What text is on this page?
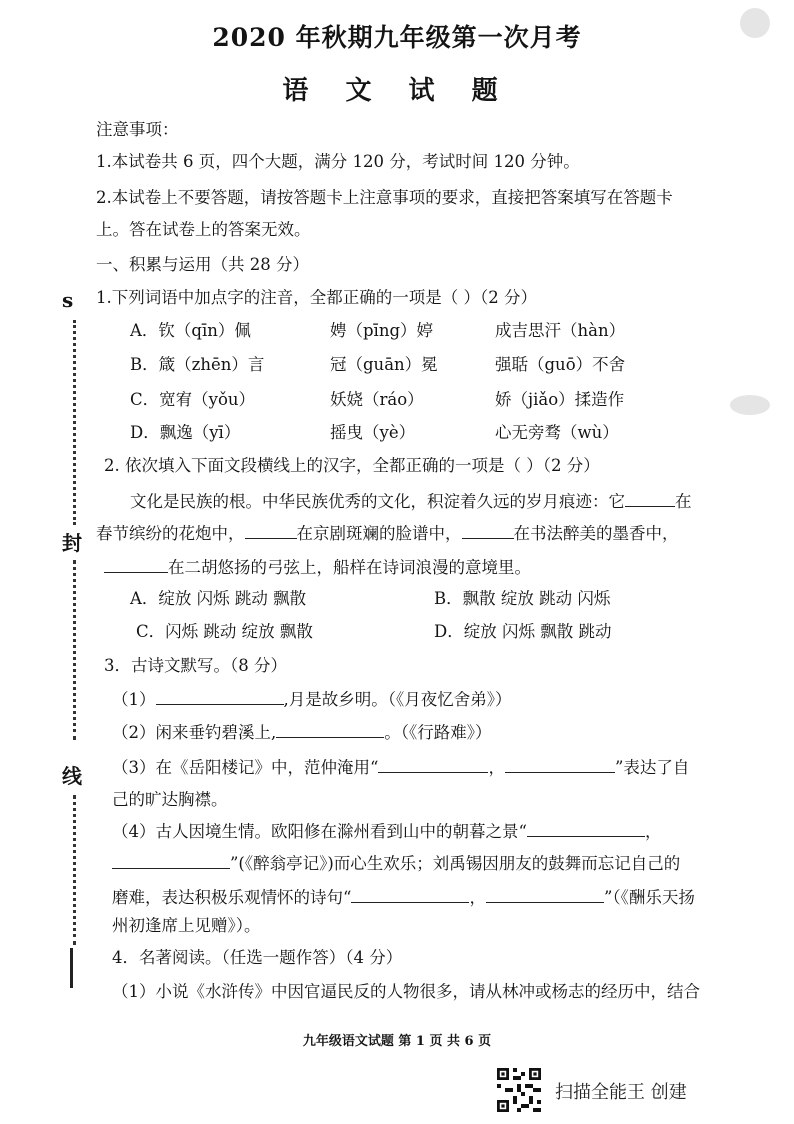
s
封
线
2020 年秋期九年级第一次月考
语 文 试 题
注意事项：
1.本试卷共 6 页，四个大题，满分 120 分，考试时间 120 分钟。
2.本试卷上不要答题，请按答题卡上注意事项的要求，直接把答案填写在答题卡
上。答在试卷上的答案无效。
一、积累与运用（共 28 分）
1.下列词语中加点字的注音，全都正确的一项是（ ）（2 分）
A．钦（qīn）佩	娉（pīng）婷	成吉思汗（hàn）
B．箴（zhēn）言	冠（guān）冕	强聒（guō）不舍
C．宽宥（yǒu）	妖娆（ráo）	娇（jiǎo）揉造作
D．飘逸（yī）	摇曳（yè）	心无旁骛（wù）
2. 依次填入下面文段横线上的汉字，全都正确的一项是（ ）（2 分）
文化是民族的根。中华民族优秀的文化，积淀着久远的岁月痕迹：它	在
春节缤纷的花炮中，	在京剧斑斓的脸谱中，	在书法醉美的墨香中，
在二胡悠扬的弓弦上，船样在诗词浪漫的意境里。
A．绽放 闪烁 跳动 飘散	B．飘散 绽放 跳动 闪烁
C．闪烁 跳动 绽放 飘散	D．绽放 闪烁 飘散 跳动
3．古诗文默写。（8 分）
（1）	,月是故乡明。（《月夜忆舍弟》）
（2）闲来垂钓碧溪上,	。（《行路难》）
（3）在《岳阳楼记》中，范仲淹用“	，	”表达了自
己的旷达胸襟。
（4）古人因境生情。欧阳修在滁州看到山中的朝暮之景“	，
”(《醉翁亭记》)而心生欢乐；刘禹锡因朋友的鼓舞而忘记自己的
磨难，表达积极乐观情怀的诗句“	，	”（《酬乐天扬
州初逢席上见赠》）。
4．名著阅读。（任选一题作答）（4 分）
（1）小说《水浒传》中因官逼民反的人物很多，请从林冲或杨志的经历中，结合
九年级语文试题 第 1 页 共 6 页
扫描全能王 创建
